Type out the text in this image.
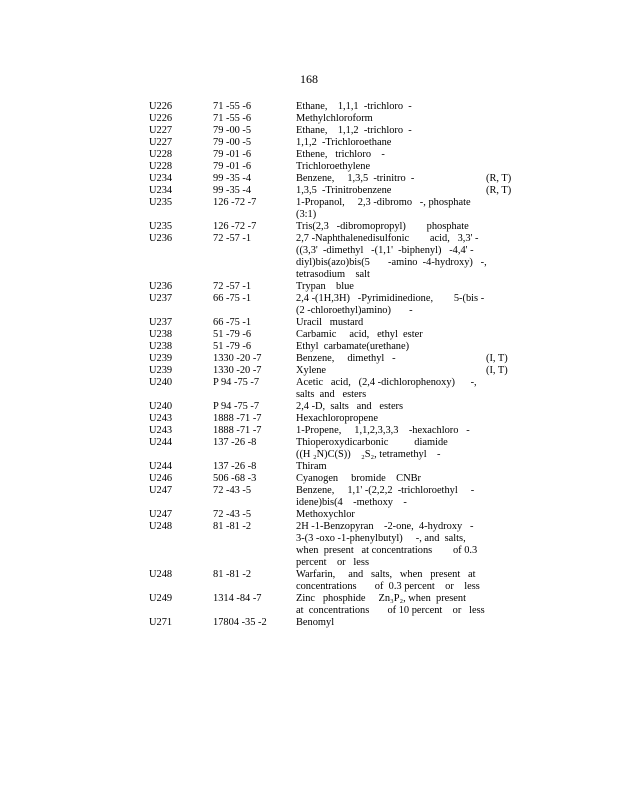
168
U226	71 -55 -6	Ethane,    1,1,1  -trichloro  -
U226	71 -55 -6	Methylchloroform
U227	79 -00 -5	Ethane,    1,1,2  -trichloro  -
U227	79 -00 -5	1,1,2  -Trichloroethane
U228	79 -01 -6	Ethene,   trichloro    -
U228	79 -01 -6	Trichloroethylene
U234	99 -35 -4	Benzene,     1,3,5  -trinitro  -	(R, T)
U234	99 -35 -4	1,3,5  -Trinitrobenzene	(R, T)
U235	126 -72 -7	1-Propanol,     2,3 -dibromo   -, phosphate
(3:1)
U235	126 -72 -7	Tris(2,3   -dibromopropyl)        phosphate
U236	72 -57 -1	2,7 -Naphthalenedisulfonic        acid,   3,3' -
((3,3'  -dimethyl   -(1,1'  -biphenyl)   -4,4' -
diyl)bis(azo)bis(5       -amino  -4-hydroxy)   -,
tetrasodium    salt
U236	72 -57 -1	Trypan    blue
U237	66 -75 -1	2,4 -(1H,3H)   -Pyrimidinedione,        5-(bis -
(2 -chloroethyl)amino)       -
U237	66 -75 -1	Uracil   mustard
U238	51 -79 -6	Carbamic     acid,   ethyl  ester
U238	51 -79 -6	Ethyl  carbamate(urethane)
U239	1330 -20 -7	Benzene,     dimethyl   -	(I, T)
U239	1330 -20 -7	Xylene	(I, T)
U240	P 94 -75 -7	Acetic   acid,   (2,4 -dichlorophenoxy)      -,
salts  and   esters
U240	P 94 -75 -7	2,4 -D,  salts   and   esters
U243	1888 -71 -7	Hexachloropropene
U243	1888 -71 -7	1-Propene,     1,1,2,3,3,3    -hexachloro   -
U244	137 -26 -8	Thioperoxydicarbonic          diamide
((H ₂N)C(S))    ₂S₂, tetramethyl    -
U244	137 -26 -8	Thiram
U246	506 -68 -3	Cyanogen     bromide    CNBr
U247	72 -43 -5	Benzene,     1,1' -(2,2,2  -trichloroethyl     -
idene)bis(4    -methoxy    -
U247	72 -43 -5	Methoxychlor
U248	81 -81 -2	2H -1-Benzopyran    -2-one,  4-hydroxy   -
3-(3 -oxo -1-phenylbutyl)     -, and  salts,
when  present   at concentrations        of 0.3
percent    or   less
U248	81 -81 -2	Warfarin,     and   salts,   when   present   at
concentrations       of  0.3 percent    or    less
U249	1314 -84 -7	Zinc   phosphide     Zn₃P₂, when  present
at  concentrations       of 10 percent    or   less
U271	17804 -35 -2	Benomyl
